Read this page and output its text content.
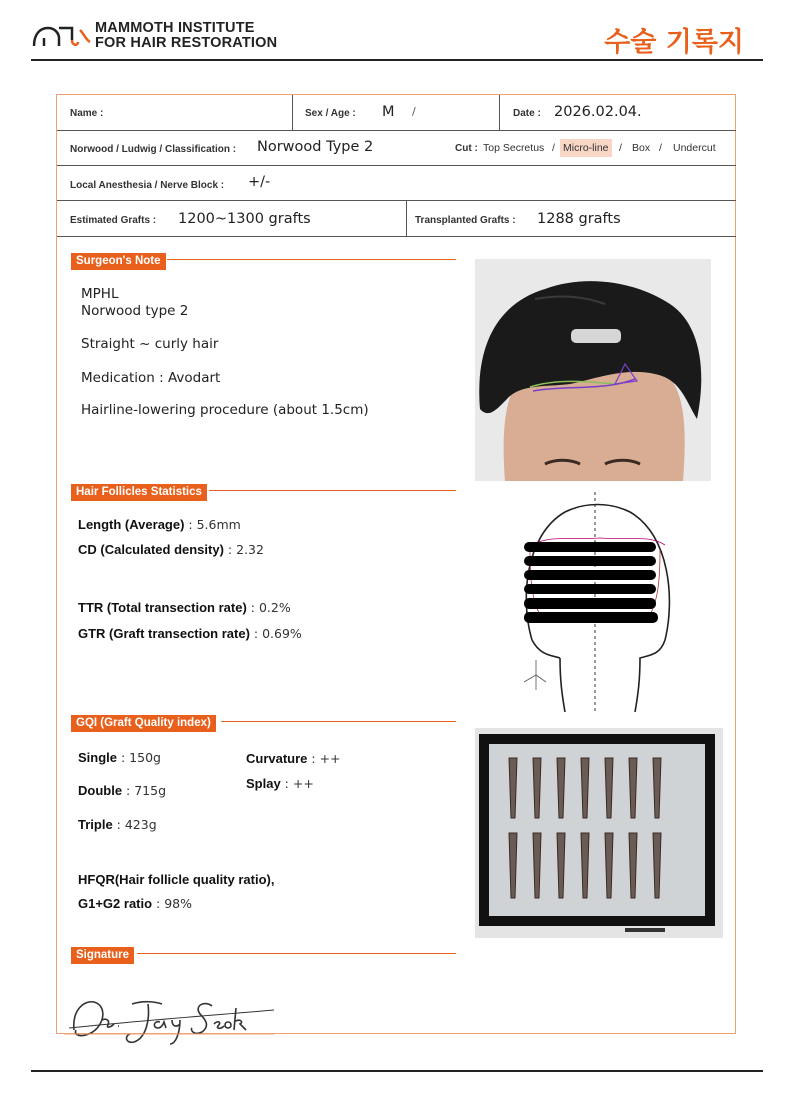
MAMMOTH INSTITUTE
FOR HAIR RESTORATION	수술 기록지
Name :	Sex / Age : M /	Date : 2026.02.04.
Norwood / Ludwig / Classification : Norwood Type 2	Cut : Top Secretus / Micro-line / Box / Undercut
Local Anesthesia / Nerve Block : +/-
Estimated Grafts : 1200~1300 grafts	Transplanted Grafts : 1288 grafts
Surgeon's Note
MPHL
Norwood type 2
Straight ~ curly hair
Medication : Avodart
Hairline-lowering procedure (about 1.5cm)
Hair Follicles Statistics
Length (Average) : 5.6mm
CD (Calculated density) : 2.32
TTR (Total transection rate) : 0.2%
GTR (Graft transection rate) : 0.69%
GQI (Graft Quality index)
Single : 150g
Double : 715g
Triple : 423g
Curvature : ++
Splay : ++
HFQR(Hair follicle quality ratio),
G1+G2 ratio : 98%
Signature
